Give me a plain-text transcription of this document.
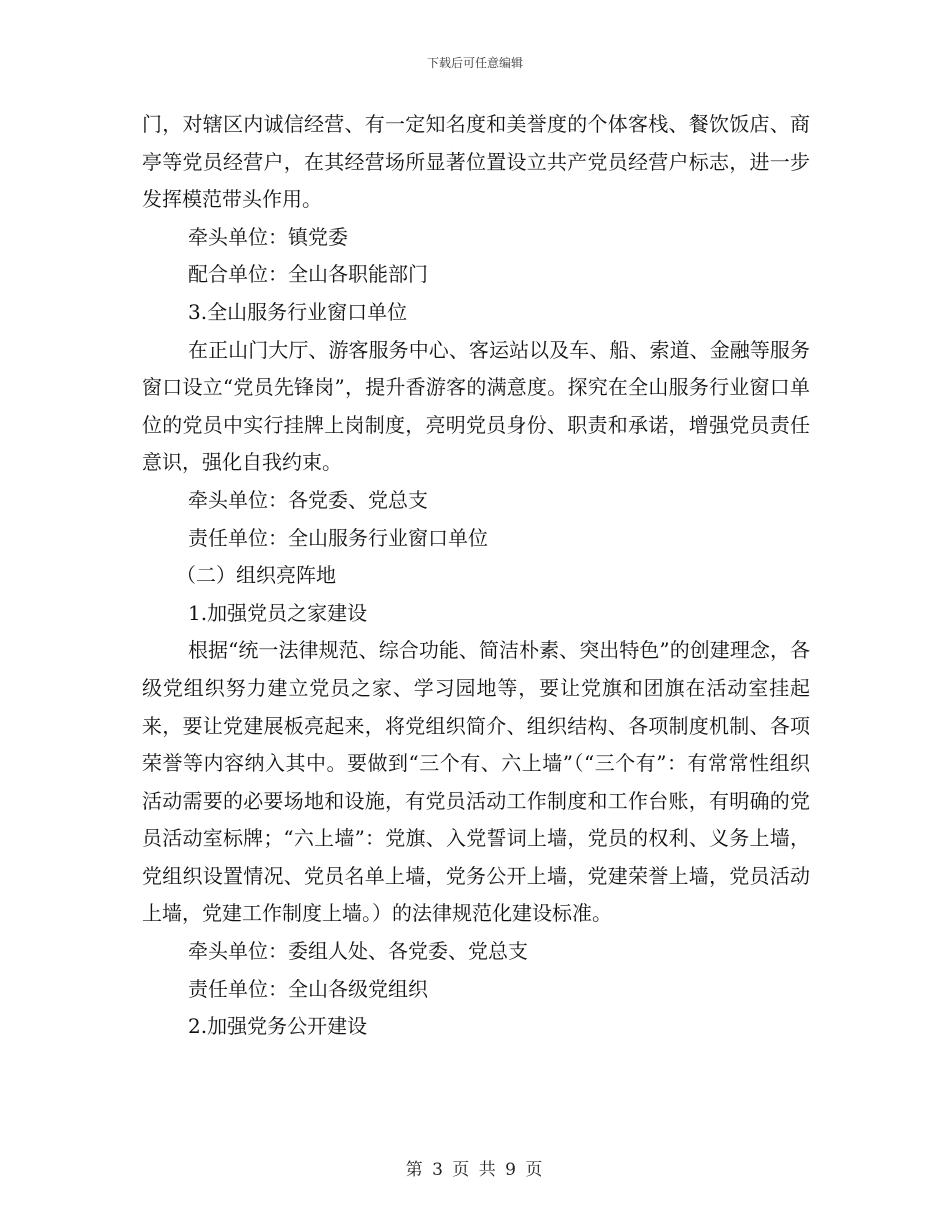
下载后可任意编辑

门，对辖区内诚信经营、有一定知名度和美誉度的个体客栈、餐饮饭店、商亭等党员经营户，在其经营场所显著位置设立共产党员经营户标志，进一步发挥模范带头作用。

牵头单位：镇党委

配合单位：全山各职能部门

3.全山服务行业窗口单位

在正山门大厅、游客服务中心、客运站以及车、船、索道、金融等服务窗口设立“党员先锋岗”，提升香游客的满意度。探究在全山服务行业窗口单位的党员中实行挂牌上岗制度，亮明党员身份、职责和承诺，增强党员责任意识，强化自我约束。

牵头单位：各党委、党总支

责任单位：全山服务行业窗口单位

（二）组织亮阵地

1.加强党员之家建设

根据“统一法律规范、综合功能、简洁朴素、突出特色”的创建理念，各级党组织努力建立党员之家、学习园地等，要让党旗和团旗在活动室挂起来，要让党建展板亮起来，将党组织简介、组织结构、各项制度机制、各项荣誉等内容纳入其中。要做到“三个有、六上墙”（“三个有”：有常常性组织活动需要的必要场地和设施，有党员活动工作制度和工作台账，有明确的党员活动室标牌；“六上墙”：党旗、入党誓词上墙，党员的权利、义务上墙，党组织设置情况、党员名单上墙，党务公开上墙，党建荣誉上墙，党员活动上墙，党建工作制度上墙。）的法律规范化建设标准。

牵头单位：委组人处、各党委、党总支

责任单位：全山各级党组织

2.加强党务公开建设

第 3 页 共 9 页
